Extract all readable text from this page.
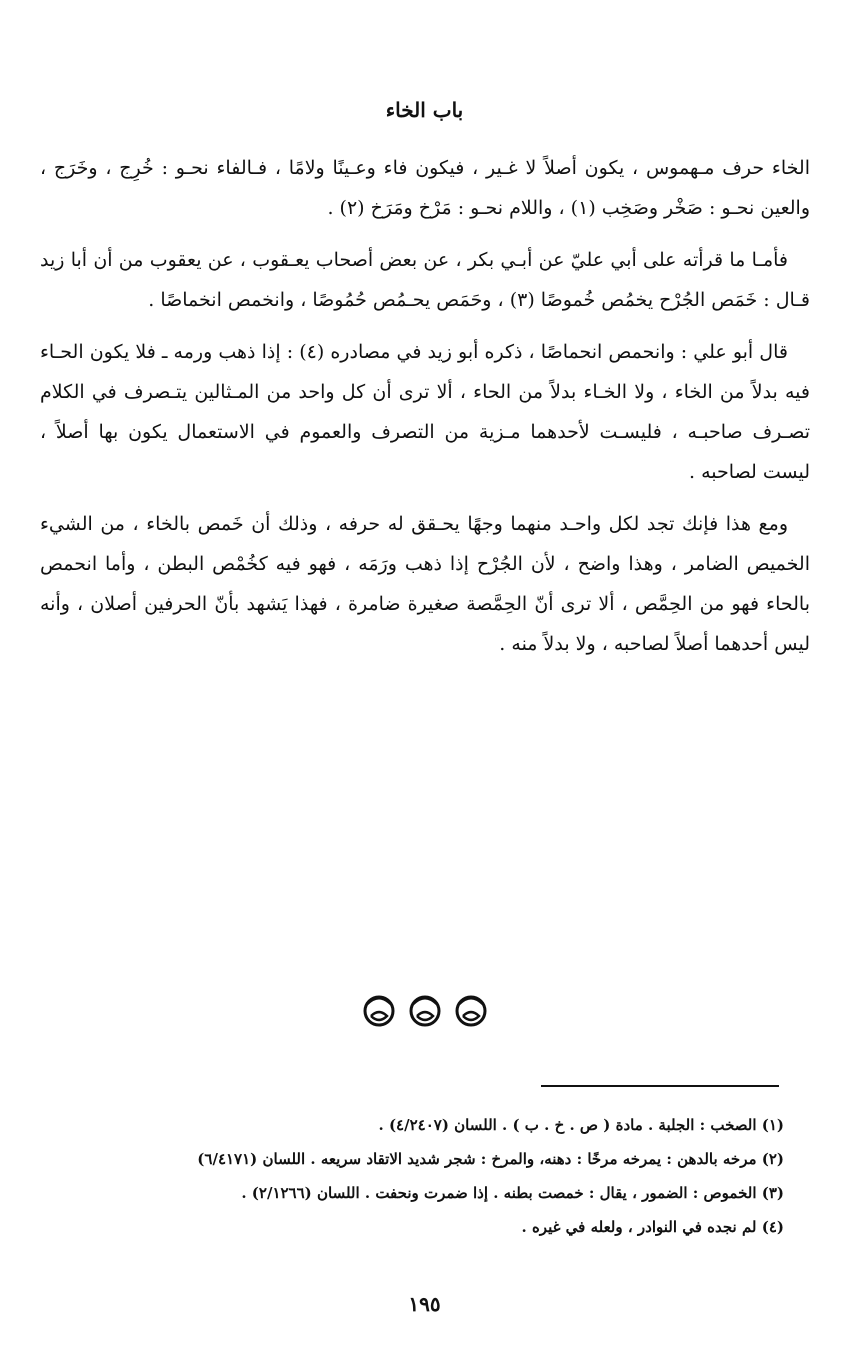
باب الخاء

الخاء حرف مـهموس ، يكون أصلاً لا غـير ، فيكون فاء وعـينًا ولامًا ، فـالفاء نحـو : خُرِج ، وخَرَج ، والعين نحـو : صَخْر وصَخِب (١) ، واللام نحـو : مَرْخ ومَرَخ (٢) .

فأمـا ما قرأته على أبي عليّ عن أبـي بكر ، عن بعض أصحاب يعـقوب ، عن يعقوب من أن أبا زيد قـال : خَمَص الجُرْح يخمُص خُموصًا (٣) ، وحَمَص يحـمُص حُمُوصًا ، وانخمص انخماصًا .

قال أبو علي : وانحمص انحماصًا ، ذكره أبو زيد في مصادره (٤) : إذا ذهب ورمه ـ فلا يكون الحـاء فيه بدلاً من الخاء ، ولا الخـاء بدلاً من الحاء ، ألا ترى أن كل واحد من المـثالين يتـصرف في الكلام تصـرف صاحبـه ، فليسـت لأحدهما مـزية من التصرف والعموم في الاستعمال يكون بها أصلاً ، ليست لصاحبه .

ومع هذا فإنك تجد لكل واحـد منهما وجهًا يحـقق له حرفه ، وذلك أن خَمص بالخاء ، من الشيء الخميص الضامر ، وهذا واضح ، لأن الجُرْح إذا ذهب ورَمَه ، فهو فيه كخُمْص البطن ، وأما انحمص بالحاء فهو من الحِمَّص ، ألا ترى أنّ الحِمَّصة صغيرة ضامرة ، فهذا يَشهد بأنّ الحرفين أصلان ، وأنه ليس أحدهما أصلاً لصاحبه ، ولا بدلاً منه .

(١) الصخب : الجلبة . مادة ( ص . خ . ب ) . اللسان (٤/٢٤٠٧) .
(٢) مرخه بالدهن : يمرخه مرخًا : دهنه، والمرخ : شجر شديد الاتقاد سريعه . اللسان (٦/٤١٧١)
(٣) الخموص : الضمور ، يقال : خمصت بطنه . إذا ضمرت ونحفت . اللسان (٢/١٢٦٦) .
(٤) لم نجده في النوادر ، ولعله في غيره .
١٩٥
